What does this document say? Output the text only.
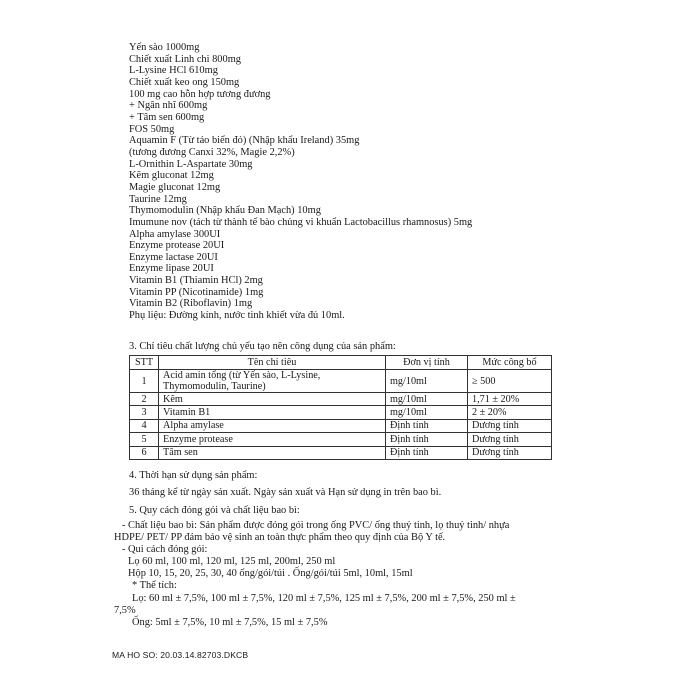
Yến sào 1000mg
Chiết xuất Linh chi 800mg
L-Lysine HCl 610mg
Chiết xuất keo ong 150mg
100 mg cao hỗn hợp tương đương
+ Ngân nhĩ 600mg
+ Tâm sen 600mg
FOS 50mg
Aquamin F (Từ tảo biển đỏ) (Nhập khẩu Ireland) 35mg
(tương đương Canxi 32%, Magie 2,2%)
L-Ornithin L-Aspartate 30mg
Kẽm gluconat 12mg
Magie gluconat 12mg
Taurine 12mg
Thymomodulin (Nhập khẩu Đan Mạch) 10mg
Imumune nov (tách từ thành tế bào chủng vi khuẩn Lactobacillus rhamnosus) 5mg
Alpha amylase 300UI
Enzyme protease 20UI
Enzyme lactase 20UI
Enzyme lipase 20UI
Vitamin B1 (Thiamin HCl) 2mg
Vitamin PP (Nicotinamide) 1mg
Vitamin B2 (Riboflavin) 1mg
Phụ liệu: Đường kính, nước tinh khiết vừa đủ 10ml.
3. Chỉ tiêu chất lượng chủ yếu tạo nên công dụng của sản phẩm:
STT	Tên chỉ tiêu	Đơn vị tính	Mức công bố
1	Acid amin tổng (từ Yến sào, L-Lysine,
Thymomodulin, Taurine)	mg/10ml	≥ 500
2	Kẽm	mg/10ml	1,71 ± 20%
3	Vitamin B1	mg/10ml	2 ± 20%
4	Alpha amylase	Định tính	Dương tính
5	Enzyme protease	Định tính	Dương tính
6	Tâm sen	Định tính	Dương tính
4. Thời hạn sử dụng sản phẩm:
36 tháng kể từ ngày sản xuất. Ngày sản xuất và Hạn sử dụng in trên bao bì.
5. Quy cách đóng gói và chất liệu bao bì:
- Chất liệu bao bì: Sản phẩm được đóng gói trong ống PVC/ ống thuỷ tinh, lọ thuỷ tinh/ nhựa
HDPE/ PET/ PP đảm bảo vệ sinh an toàn thực phẩm theo quy định của Bộ Y tế.
- Qui cách đóng gói:
Lọ 60 ml, 100 ml, 120 ml, 125 ml, 200ml, 250 ml
Hộp 10, 15, 20, 25, 30, 40 ống/gói/túi . Ống/gói/túi 5ml, 10ml, 15ml
* Thể tích:
Lọ: 60 ml ± 7,5%, 100 ml ± 7,5%, 120 ml ± 7,5%, 125 ml ± 7,5%, 200 ml ± 7,5%, 250 ml ±
7,5%
Ống: 5ml ± 7,5%, 10 ml ± 7,5%, 15 ml ± 7,5%
MA HO SO: 20.03.14.82703.DKCB
